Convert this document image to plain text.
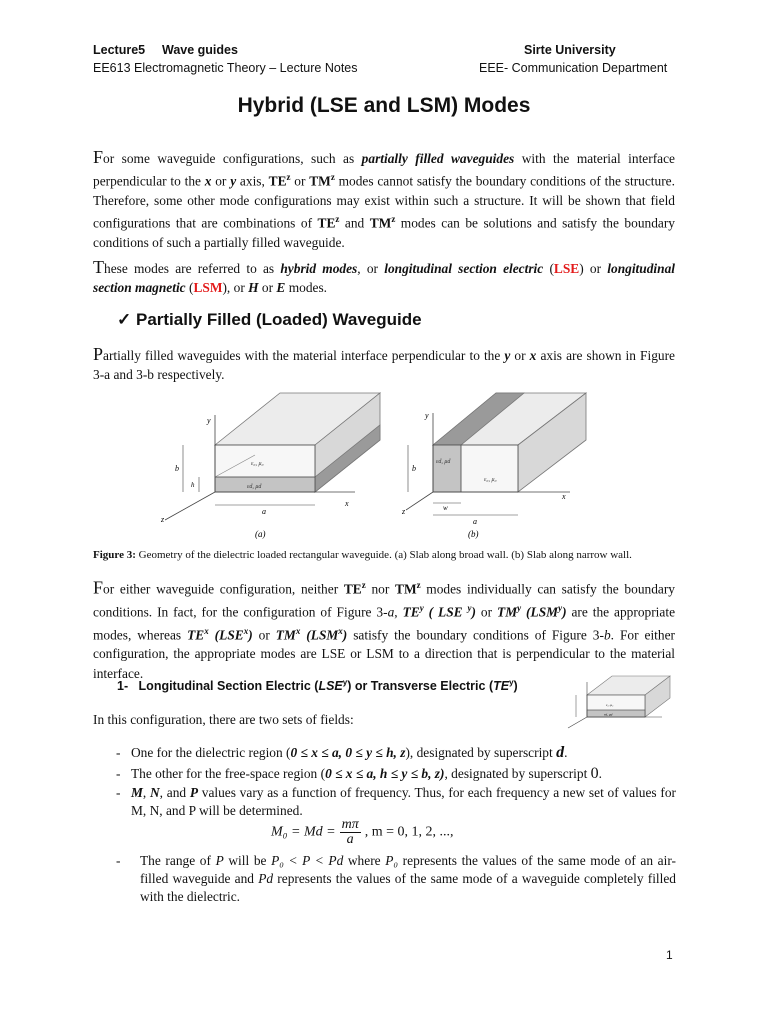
Lecture5 Wave guides	Sirte University
EE613 Electromagnetic Theory – Lecture Notes	EEE- Communication Department
Hybrid (LSE and LSM) Modes
For some waveguide configurations, such as partially filled waveguides with the material interface perpendicular to the x or y axis, $TE^z$ or $TM^z$ modes cannot satisfy the boundary conditions of the structure. Therefore, some other mode configurations may exist within such a structure. It will be shown that field configurations that are combinations of $TE^z$ and $TM^z$ modes can be solutions and satisfy the boundary conditions of such a partially filled waveguide.
These modes are referred to as hybrid modes, or longitudinal section electric (LSE) or longitudinal section magnetic (LSM), or H or E modes.
✓ Partially Filled (Loaded) Waveguide
Partially filled waveguides with the material interface perpendicular to the y or x axis are shown in Figure 3-a and 3-b respectively.
y
b
h
ε₀, μ₀
εd, μd
a
x
z
(a)
y
b
εd, μd
ε₀, μ₀
w
a
x
z
(b)
Figure 3: Geometry of the dielectric loaded rectangular waveguide. (a) Slab along broad wall. (b) Slab along narrow wall.
For either waveguide configuration, neither $TE^z$ nor $TM^z$ modes individually can satisfy the boundary conditions. In fact, for the configuration of Figure 3-a, $TE^y$ ( LSE $^y$) or $TM^y$ (LSM$^y$) are the appropriate modes, whereas $TE^x$ (LSE$^x$) or $TM^x$ (LSM$^x$) satisfy the boundary conditions of Figure 3-b. For either configuration, the appropriate modes are LSE or LSM to a direction that is perpendicular to the material interface.
1- Longitudinal Section Electric (LSE$^y$) or Transverse Electric $(TE^y)$
ε₀, μ₀
εd, μd
In this configuration, there are two sets of fields:
- One for the dielectric region (0 ≤ x ≤ a, 0 ≤ y ≤ h, z), designated by superscript d.
- The other for the free-space region (0 ≤ x ≤ a, h ≤ y ≤ b, z), designated by superscript 0.
- M, N, and P values vary as a function of frequency. Thus, for each frequency a new set of values for M, N, and P will be determined.
$M_0 = Md = \frac{m\pi}{a}$ , m = 0, 1, 2, ...,
- The range of P will be P₀ < P < Pd where P₀ represents the values of the same mode of an air-filled waveguide and Pd represents the values of the same mode of a waveguide completely filled with the dielectric.
1
